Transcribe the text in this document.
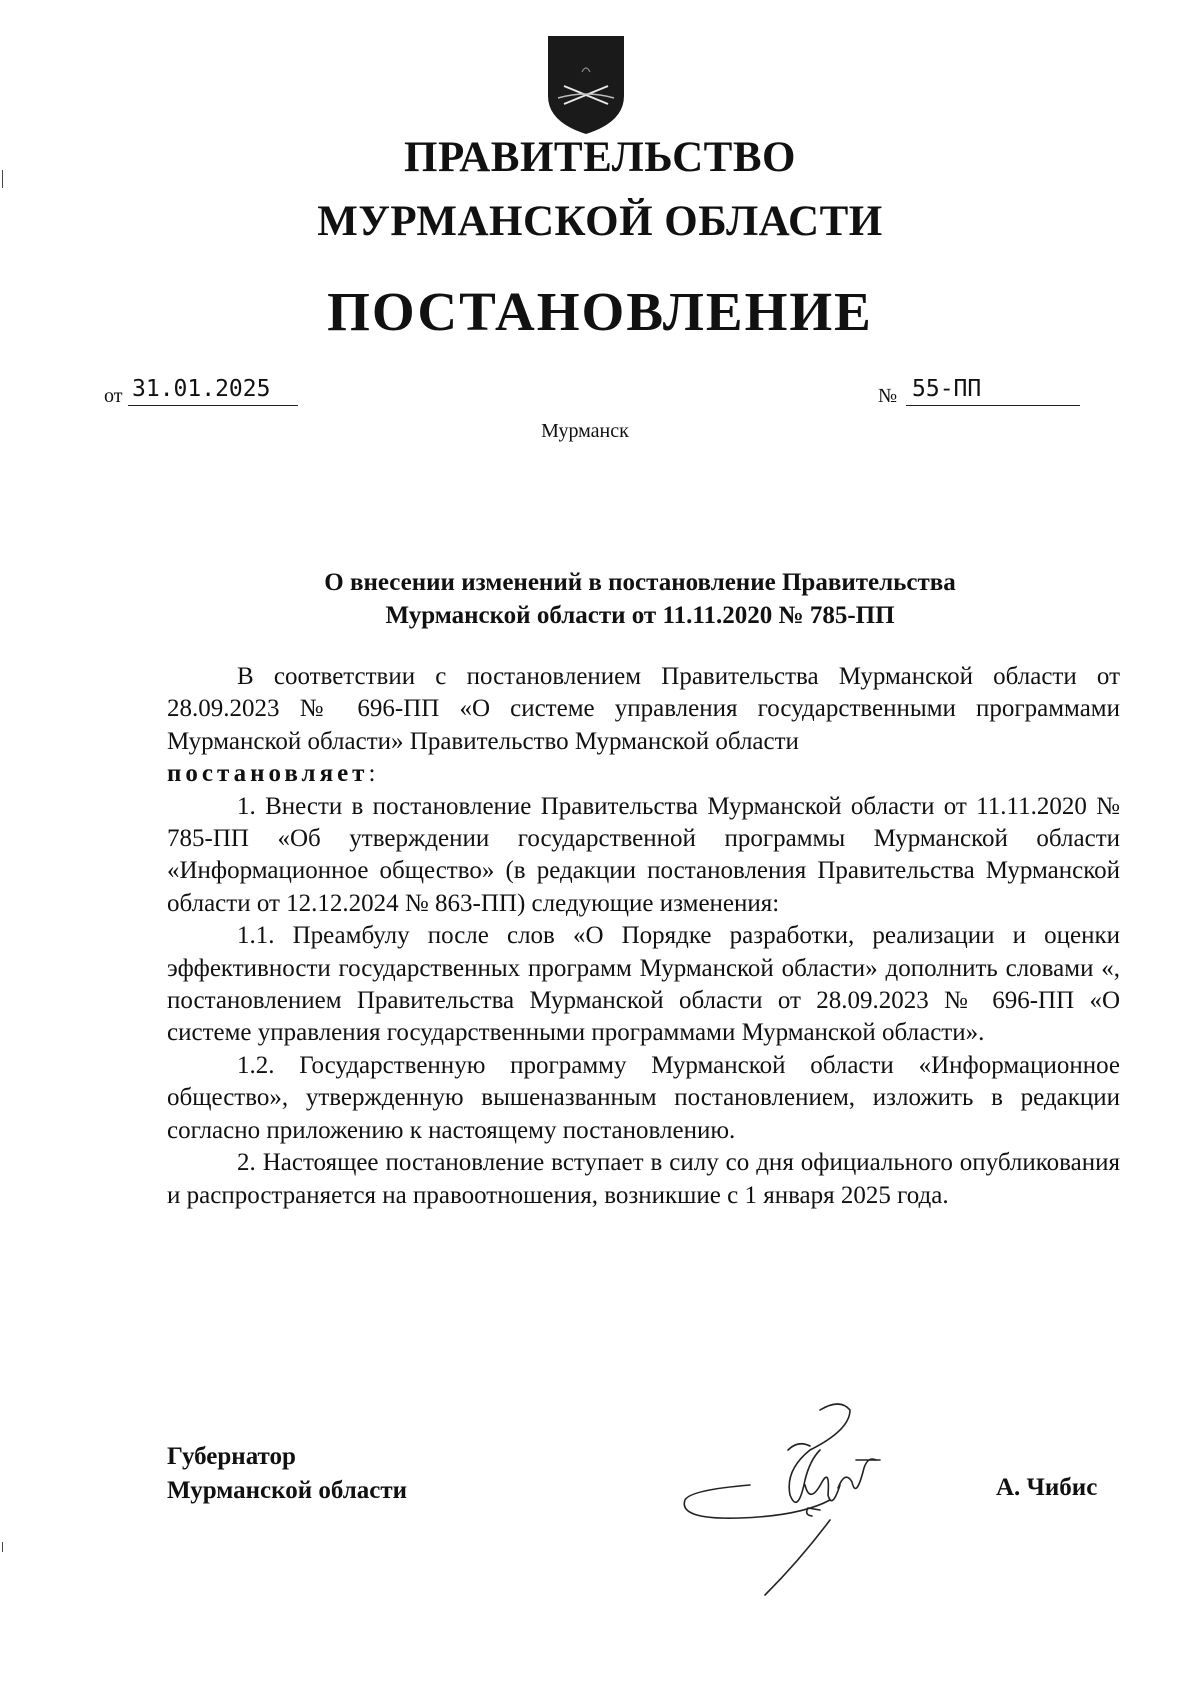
ПРАВИТЕЛЬСТВО
МУРМАНСКОЙ ОБЛАСТИ
ПОСТАНОВЛЕНИЕ
от 31.01.2025	№ 55-ПП
Мурманск
О внесении изменений в постановление Правительства
Мурманской области от 11.11.2020 № 785-ПП

В соответствии с постановлением Правительства Мурманской области от 28.09.2023 № 696-ПП «О системе управления государственными программами Мурманской области» Правительство Мурманской области
постановляет:

1. Внести в постановление Правительства Мурманской области от 11.11.2020 № 785-ПП «Об утверждении государственной программы Мурманской области «Информационное общество» (в редакции постановления Правительства Мурманской области от 12.12.2024 № 863-ПП) следующие изменения:

1.1. Преамбулу после слов «О Порядке разработки, реализации и оценки эффективности государственных программ Мурманской области» дополнить словами «, постановлением Правительства Мурманской области от 28.09.2023 № 696-ПП «О системе управления государственными программами Мурманской области».

1.2. Государственную программу Мурманской области «Информационное общество», утвержденную вышеназванным постановлением, изложить в редакции согласно приложению к настоящему постановлению.

2. Настоящее постановление вступает в силу со дня официального опубликования и распространяется на правоотношения, возникшие с 1 января 2025 года.

Губернатор
Мурманской области	А. Чибис
